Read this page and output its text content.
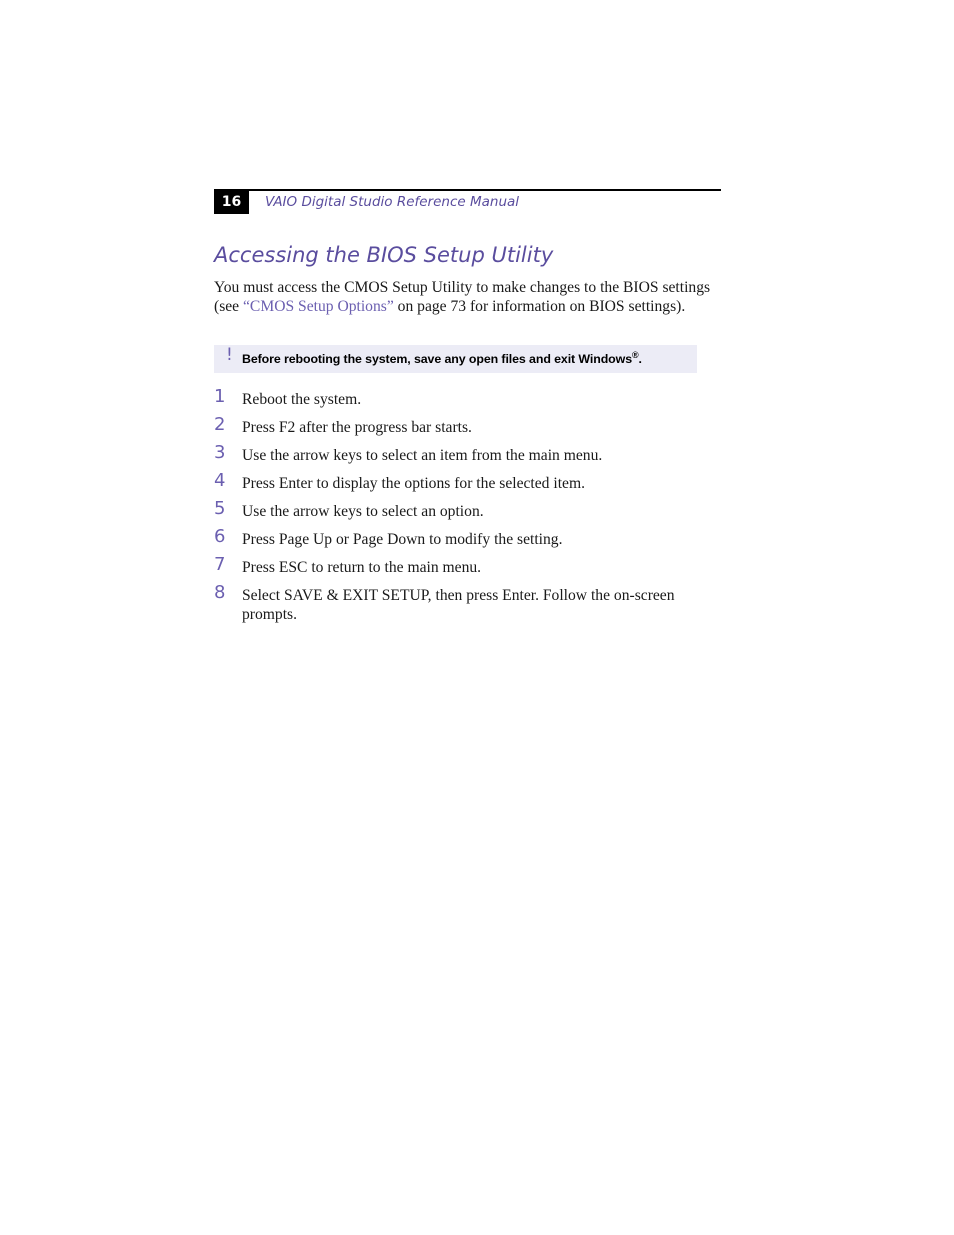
16	VAIO Digital Studio Reference Manual
Accessing the BIOS Setup Utility

You must access the CMOS Setup Utility to make changes to the BIOS settings (see “CMOS Setup Options” on page 73 for information on BIOS settings).

! Before rebooting the system, save any open files and exit Windows®.
1 Reboot the system.
2 Press F2 after the progress bar starts.
3 Use the arrow keys to select an item from the main menu.
4 Press Enter to display the options for the selected item.
5 Use the arrow keys to select an option.
6 Press Page Up or Page Down to modify the setting.
7 Press ESC to return to the main menu.
8 Select SAVE & EXIT SETUP, then press Enter. Follow the on-screen prompts.
